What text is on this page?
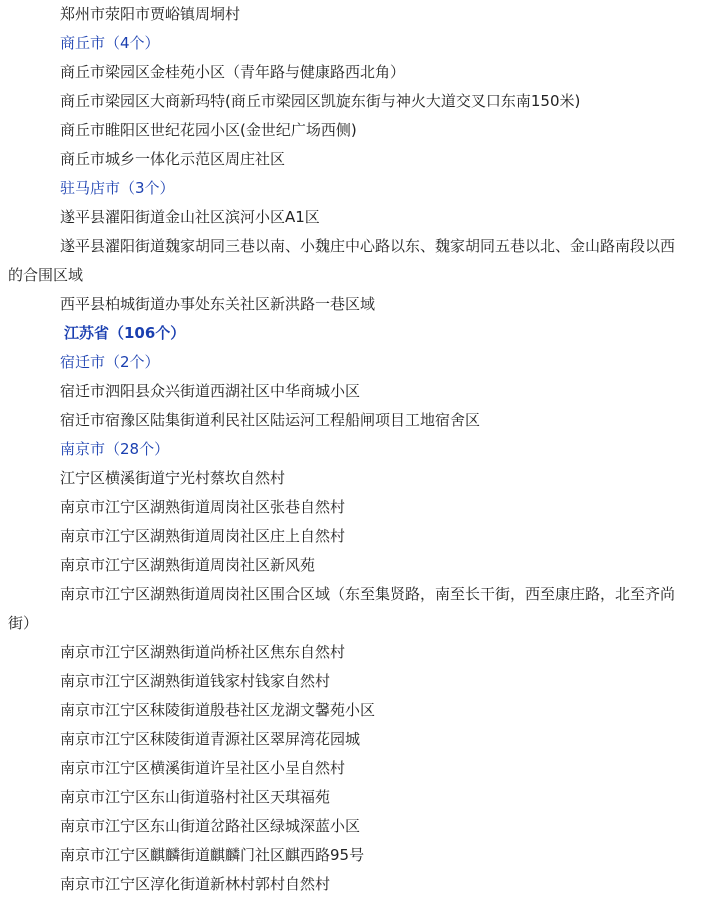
郑州市荥阳市贾峪镇周垌村
商丘市（4个）
商丘市梁园区金桂苑小区（青年路与健康路西北角）
商丘市梁园区大商新玛特(商丘市梁园区凯旋东街与神火大道交叉口东南150米)
商丘市睢阳区世纪花园小区(金世纪广场西侧)
商丘市城乡一体化示范区周庄社区
驻马店市（3个）
遂平县濯阳街道金山社区滨河小区A1区
遂平县濯阳街道魏家胡同三巷以南、小魏庄中心路以东、魏家胡同五巷以北、金山路南段以西的合围区域
西平县柏城街道办事处东关社区新洪路一巷区域
江苏省（106个）
宿迁市（2个）
宿迁市泗阳县众兴街道西湖社区中华商城小区
宿迁市宿豫区陆集街道利民社区陆运河工程船闸项目工地宿舍区
南京市（28个）
江宁区横溪街道宁光村蔡坎自然村
南京市江宁区湖熟街道周岗社区张巷自然村
南京市江宁区湖熟街道周岗社区庄上自然村
南京市江宁区湖熟街道周岗社区新风苑
南京市江宁区湖熟街道周岗社区围合区域（东至集贤路，南至长干街，西至康庄路，北至齐尚街）
南京市江宁区湖熟街道尚桥社区焦东自然村
南京市江宁区湖熟街道钱家村钱家自然村
南京市江宁区秣陵街道殷巷社区龙湖文馨苑小区
南京市江宁区秣陵街道青源社区翠屏湾花园城
南京市江宁区横溪街道许呈社区小呈自然村
南京市江宁区东山街道骆村社区天琪福苑
南京市江宁区东山街道岔路社区绿城深蓝小区
南京市江宁区麒麟街道麒麟门社区麒西路95号
南京市江宁区淳化街道新林村郭村自然村
